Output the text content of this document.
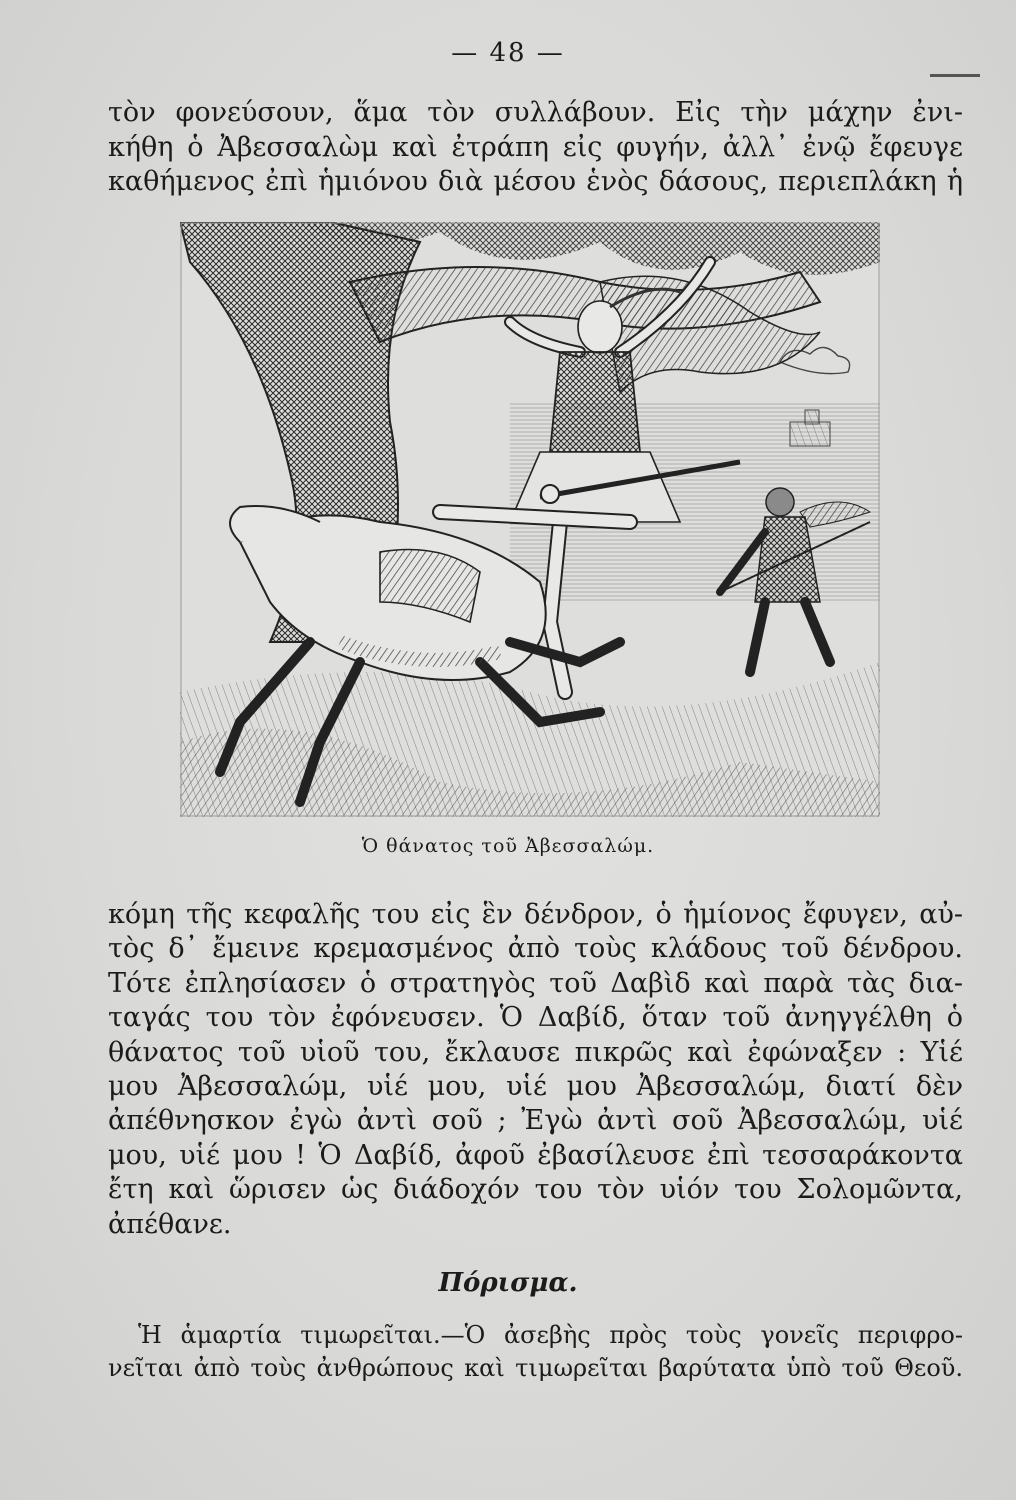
— 48 —
τὸν φονεύσουν, ἅμα τὸν συλλάβουν. Εἰς τὴν μάχην ἐνι-
κήθη ὁ Ἀβεσσαλὼμ καὶ ἐτράπη εἰς φυγήν, ἀλλ᾽ ἐνῷ ἔφευγε
καθήμενος ἐπὶ ἡμιόνου διὰ μέσου ἑνὸς δάσους, περιεπλάκη ἡ
Ὁ θάνατος τοῦ Ἀβεσσαλώμ.
κόμη τῆς κεφαλῆς του εἰς ἓν δένδρον, ὁ ἡμίονος ἔφυγεν, αὐ-
τὸς δ᾽ ἔμεινε κρεμασμένος ἀπὸ τοὺς κλάδους τοῦ δένδρου.
Τότε ἐπλησίασεν ὁ στρατηγὸς τοῦ Δαβὶδ καὶ παρὰ τὰς δια-
ταγάς του τὸν ἐφόνευσεν. Ὁ Δαβίδ, ὅταν τοῦ ἀνηγγέλθη ὁ
θάνατος τοῦ υἱοῦ του, ἔκλαυσε πικρῶς καὶ ἐφώναξεν : Υἱέ
μου Ἀβεσσαλώμ, υἱέ μου, υἱέ μου Ἀβεσσαλώμ, διατί δὲν
ἀπέθνησκον ἐγὼ ἀντὶ σοῦ ; Ἐγὼ ἀντὶ σοῦ Ἀβεσσαλώμ, υἱέ
μου, υἱέ μου ! Ὁ Δαβίδ, ἀφοῦ ἐβασίλευσε ἐπὶ τεσσαράκοντα
ἔτη καὶ ὥρισεν ὡς διάδοχόν του τὸν υἱόν του Σολομῶντα,
ἀπέθανε.
Πόρισμα.
Ἡ ἁμαρτία τιμωρεῖται.—Ὁ ἀσεβὴς πρὸς τοὺς γονεῖς περιφρο-
νεῖται ἀπὸ τοὺς ἀνθρώπους καὶ τιμωρεῖται βαρύτατα ὑπὸ τοῦ Θεοῦ.
